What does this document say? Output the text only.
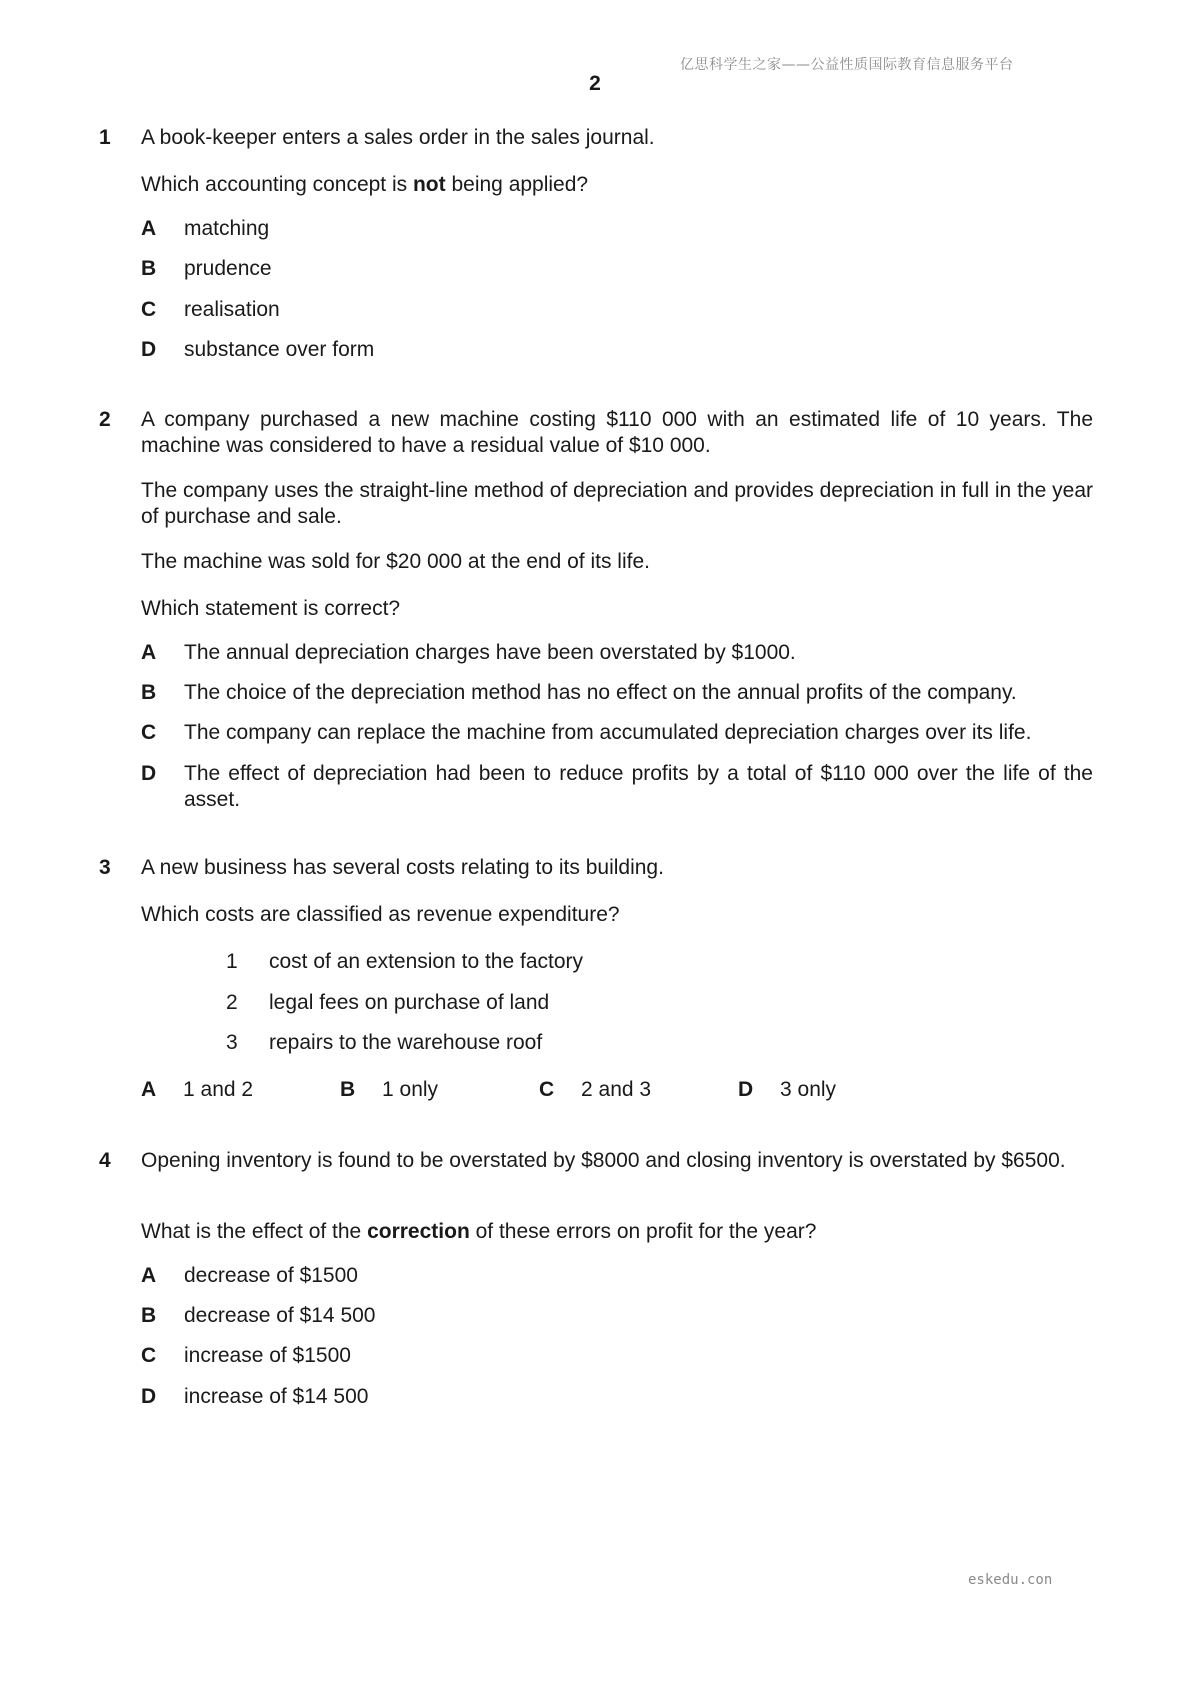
亿思科学生之家——公益性质国际教育信息服务平台
2
1 A book-keeper enters a sales order in the sales journal.
Which accounting concept is not being applied?
A matching
B prudence
C realisation
D substance over form
2 A company purchased a new machine costing $110 000 with an estimated life of 10 years. The machine was considered to have a residual value of $10 000.
The company uses the straight-line method of depreciation and provides depreciation in full in the year of purchase and sale.
The machine was sold for $20 000 at the end of its life.
Which statement is correct?
A The annual depreciation charges have been overstated by $1000.
B The choice of the depreciation method has no effect on the annual profits of the company.
C The company can replace the machine from accumulated depreciation charges over its life.
D The effect of depreciation had been to reduce profits by a total of $110 000 over the life of the asset.
3 A new business has several costs relating to its building.
Which costs are classified as revenue expenditure?
1 cost of an extension to the factory
2 legal fees on purchase of land
3 repairs to the warehouse roof
A 1 and 2	B 1 only	C 2 and 3	D 3 only
4 Opening inventory is found to be overstated by $8000 and closing inventory is overstated by $6500.
What is the effect of the correction of these errors on profit for the year?
A decrease of $1500
B decrease of $14 500
C increase of $1500
D increase of $14 500
eskedu.con
